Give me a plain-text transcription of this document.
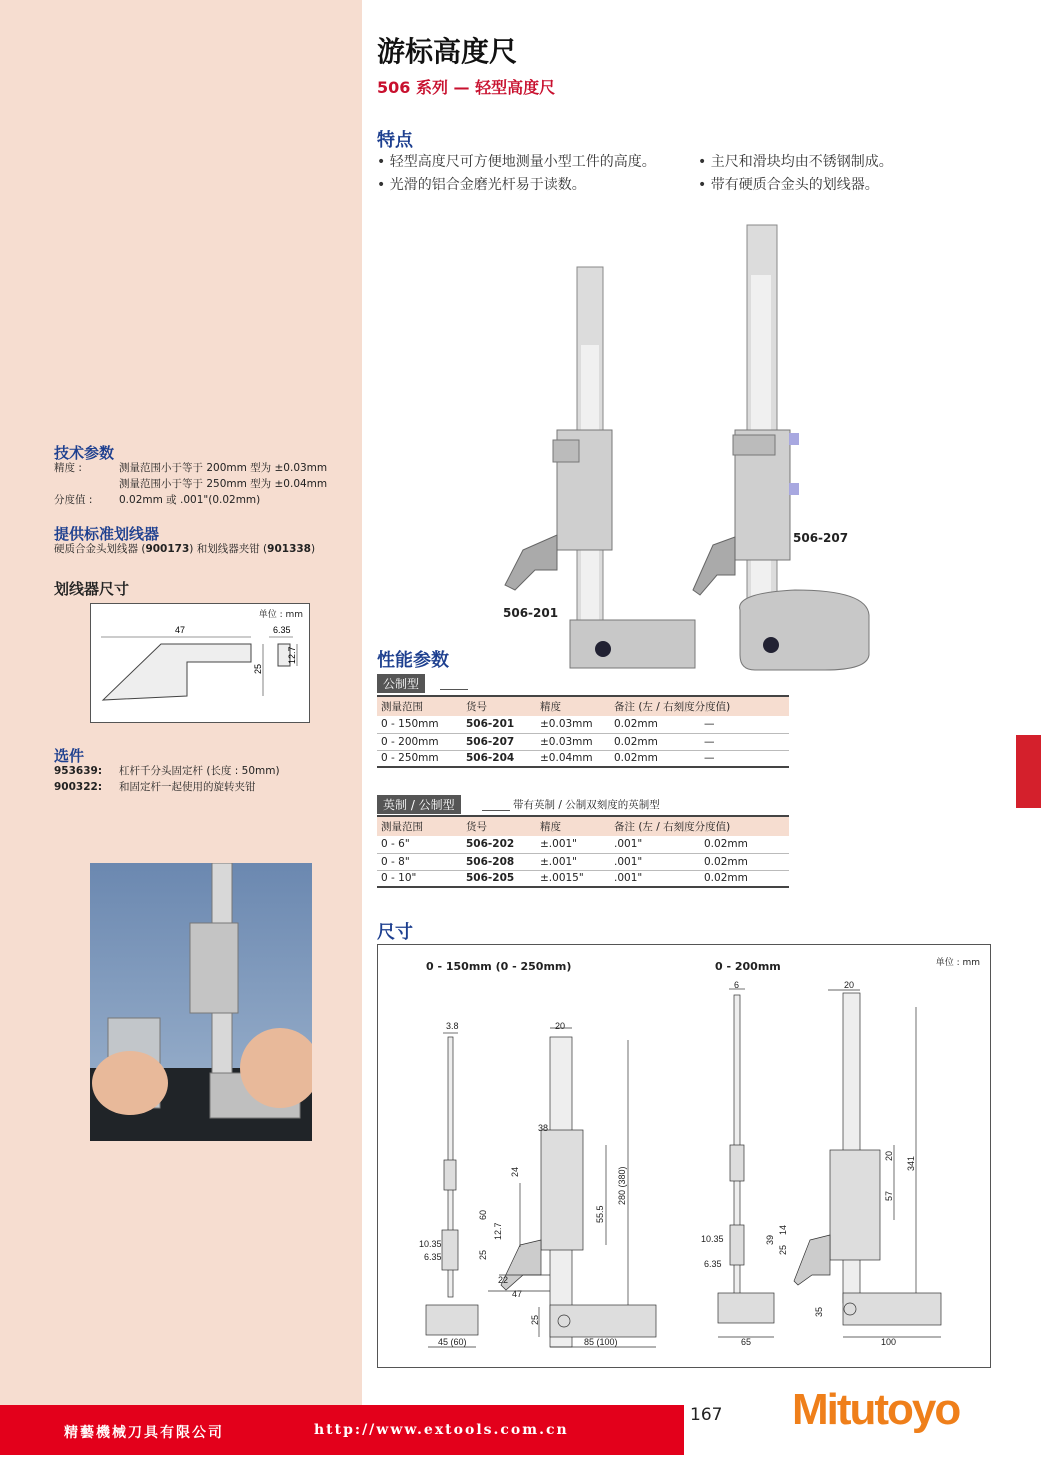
游标高度尺
506 系列 — 轻型高度尺
特点
• 轻型高度尺可方便地测量小型工件的高度。
• 光滑的铝合金磨光杆易于读数。
• 主尺和滑块均由不锈钢制成。
• 带有硬质合金头的划线器。
506-201
506-207
技术参数
精度 :	测量范围小于等于 200mm 型为 ±0.03mm
测量范围小于等于 250mm 型为 ±0.04mm
分度值 :	0.02mm 或 .001"(0.02mm)
提供标准划线器
硬质合金头划线器 (900173) 和划线器夹钳 (901338)
划线器尺寸
单位 : mm
47	6.35
25
12.7
选件
953639: 杠杆千分头固定杆 (长度 : 50mm)
900322: 和固定杆一起使用的旋转夹钳
性能参数
公制型
测量范围	货号	精度	备注 (左 / 右刻度分度值)	
0 - 150mm	506-201	±0.03mm	0.02mm	—
0 - 200mm	506-207	±0.03mm	0.02mm	—
0 - 250mm	506-204	±0.04mm	0.02mm	—
英制 / 公制型	带有英制 / 公制双刻度的英制型
测量范围	货号	精度	备注 (左 / 右刻度分度值)	
0 - 6"	506-202	±.001"	.001"	0.02mm
0 - 8"	506-208	±.001"	.001"	0.02mm
0 - 10"	506-205	±.0015"	.001"	0.02mm
尺寸
单位 : mm
0 - 150mm (0 - 250mm)	0 - 200mm
3.8	20
38
24
60
12.7
10.35
6.35	25
22
47
25
55.5
280 (380)
45 (60)	85 (100)
6	20
10.35
6.35
39
25
14
20
57
341
35
65	100
精藝機械刀具有限公司	http://www.extools.com.cn
167 Mitutoyo
